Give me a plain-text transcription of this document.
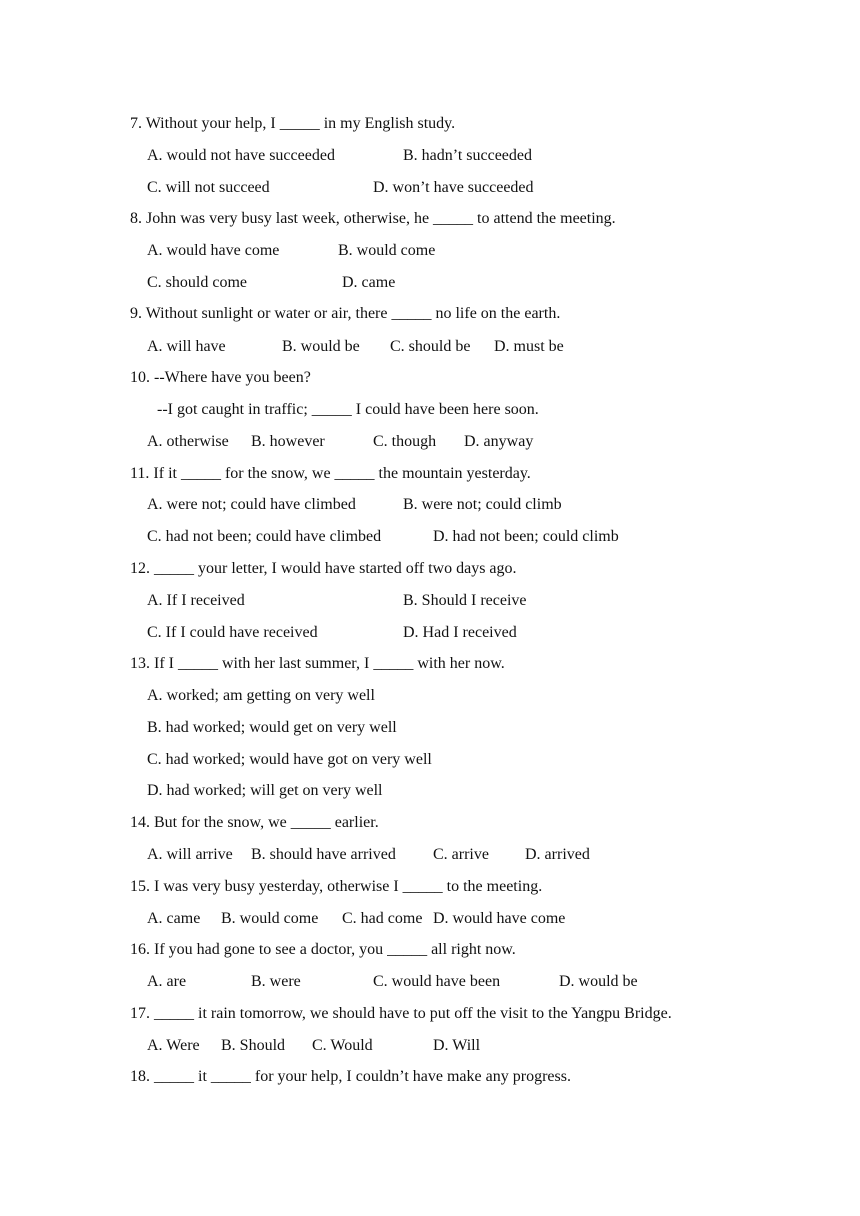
7. Without your help, I _____ in my English study.
A. would not have succeeded	B. hadn’t succeeded
C. will not succeed	D. won’t have succeeded
8. John was very busy last week, otherwise, he _____ to attend the meeting.
A. would have come	B. would come
C. should come	D. came
9. Without sunlight or water or air, there _____ no life on the earth.
A. will have	B. would be C. should be D. must be
10. --Where have you been?
--I got caught in traffic; _____ I could have been here soon.
A. otherwise B. however	C. though D. anyway
11. If it _____ for the snow, we _____ the mountain yesterday.
A. were not; could have climbed	B. were not; could climb
C. had not been; could have climbed	D. had not been; could climb
12. _____ your letter, I would have started off two days ago.
A. If I received	B. Should I receive
C. If I could have received	D. Had I received
13. If I _____ with her last summer, I _____ with her now.
A. worked; am getting on very well
B. had worked; would get on very well
C. had worked; would have got on very well
D. had worked; will get on very well
14. But for the snow, we _____ earlier.
A. will arrive B. should have arrived C. arrive D. arrived
15. I was very busy yesterday, otherwise I _____ to the meeting.
A. came B. would come C. had come D. would have come
16. If you had gone to see a doctor, you _____ all right now.
A. are	B. were	C. would have been	D. would be
17. _____ it rain tomorrow, we should have to put off the visit to the Yangpu Bridge.
A. Were B. Should C. Would	D. Will
18. _____ it _____ for your help, I couldn’t have make any progress.
